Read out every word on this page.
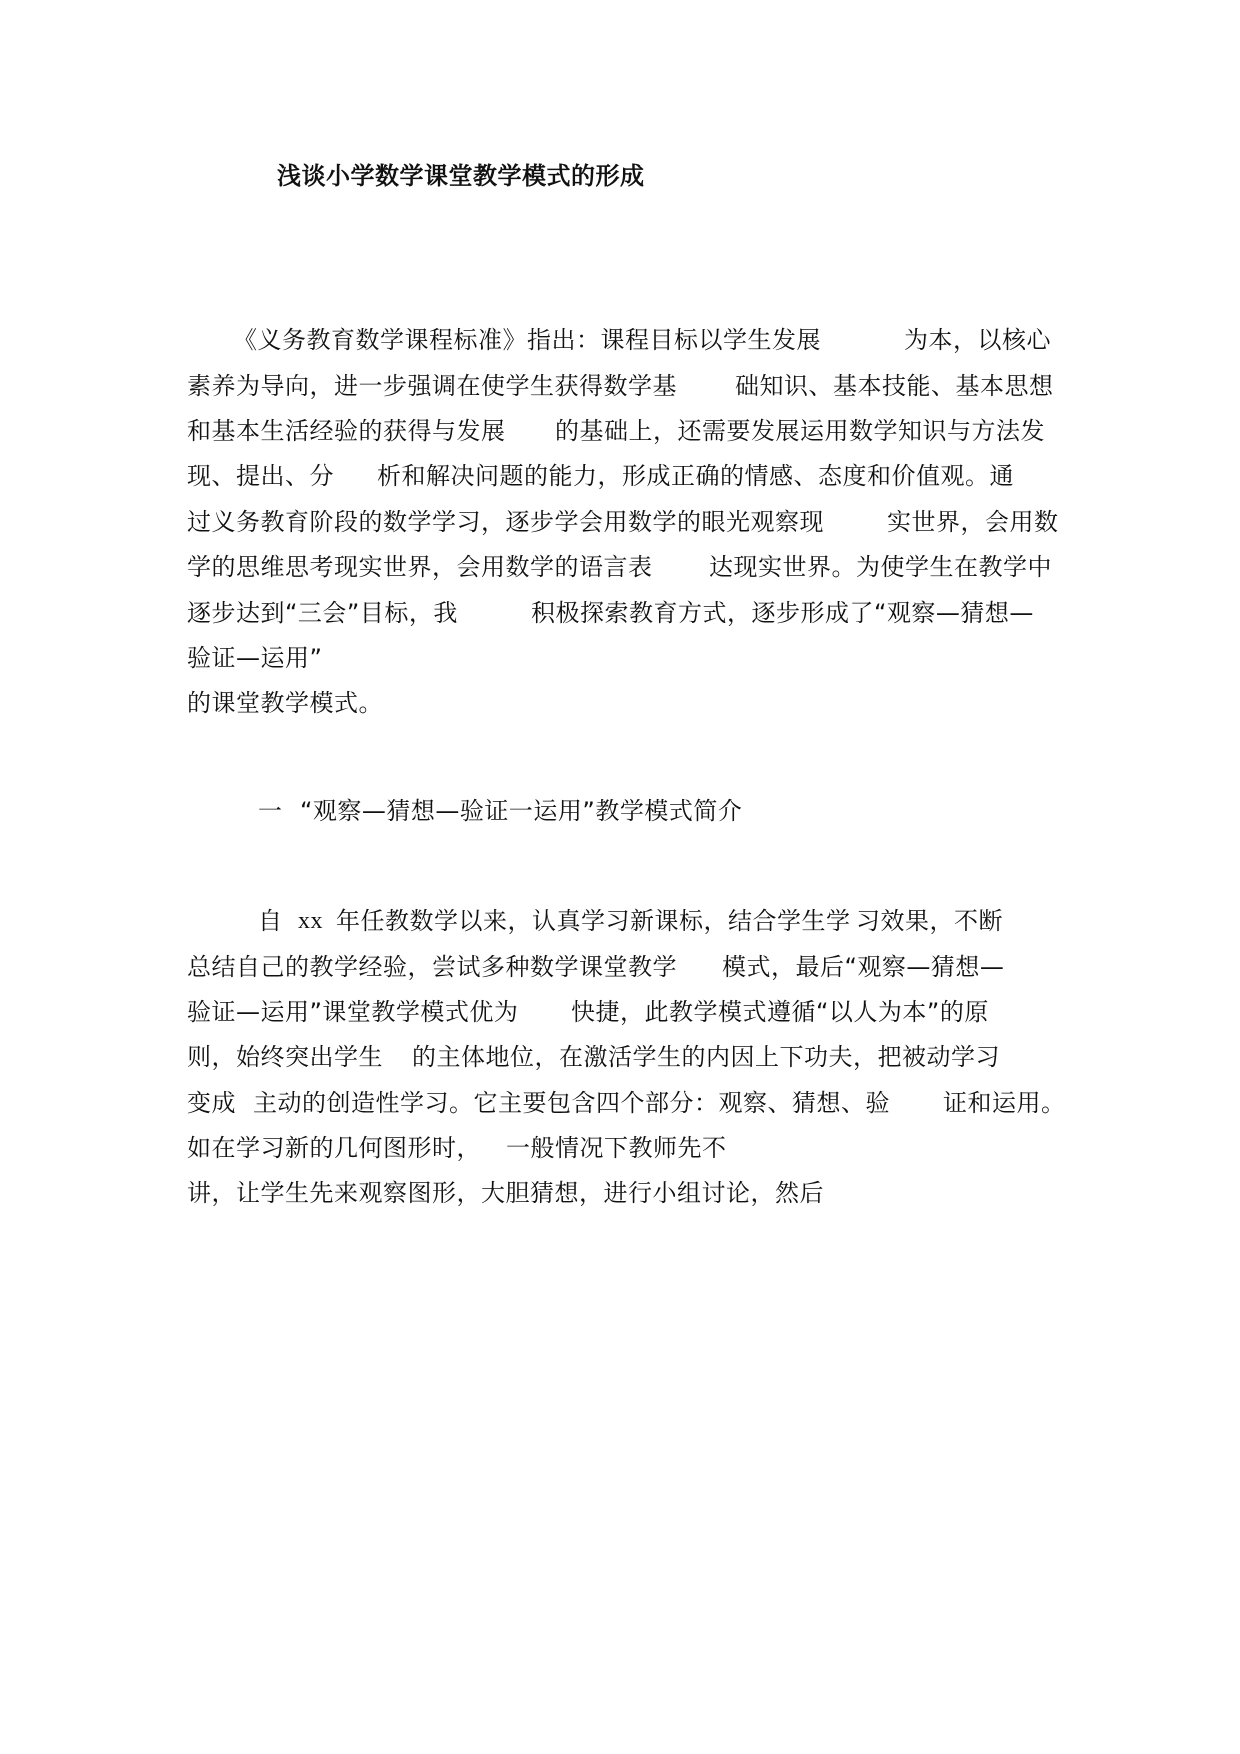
浅谈小学数学课堂教学模式的形成
《义务教育数学课程标准》指出：课程目标以学生发展	为本，以核心
素养为导向，进一步强调在使学生获得数学基 础知识、基本技能、基本思想
和基本生活经验的获得与发展 的基础上，还需要发展运用数学知识与方法发
现、提出、分 析和解决问题的能力，形成正确的情感、态度和价值观。通
过义务教育阶段的数学学习，逐步学会用数学的眼光观察现	实世界，会用数
学的思维思考现实世界，会用数学的语言表 达现实世界。为使学生在教学中
逐步达到“三会”目标，我	积极探索教育方式，逐步形成了“观察—猜想—
验证—运用”
的课堂教学模式。
一 “观察—猜想—验证一运用”教学模式简介
自 xx 年任教数学以来，认真学习新课标，结合学生学 习效果，不断
总结自己的教学经验，尝试多种数学课堂教学 模式，最后“观察—猜想—
验证—运用”课堂教学模式优为 快捷，此教学模式遵循“以人为本”的原
则，始终突出学生 的主体地位，在激活学生的内因上下功夫，把被动学习
变成 主动的创造性学习。它主要包含四个部分：观察、猜想、验 证和运用。
如在学习新的几何图形时， 一般情况下教师先不
讲，让学生先来观察图形，大胆猜想，进行小组讨论，然后
